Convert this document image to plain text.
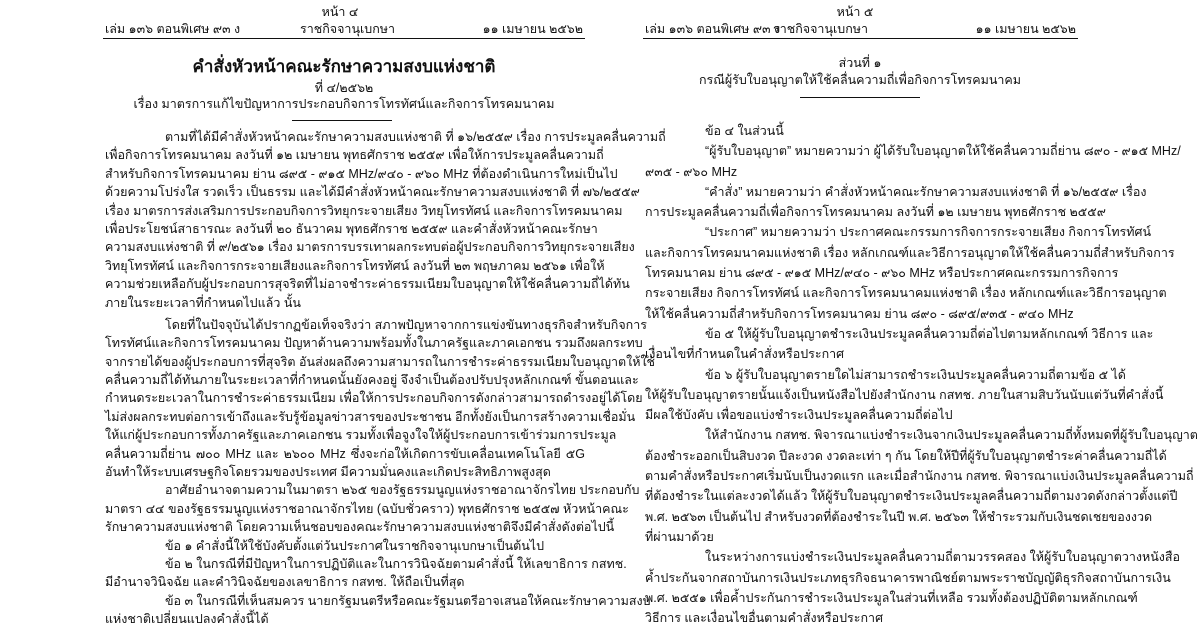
หน้า ๔
เล่ม ๑๓๖ ตอนพิเศษ ๙๓ ง	ราชกิจจานุเบกษา	๑๑ เมษายน ๒๕๖๒
คำสั่งหัวหน้าคณะรักษาความสงบแห่งชาติ
ที่ ๔/๒๕๖๒
เรื่อง มาตรการแก้ไขปัญหาการประกอบกิจการโทรทัศน์และกิจการโทรคมนาคม
ตามที่ได้มีคำสั่งหัวหน้าคณะรักษาความสงบแห่งชาติ ที่ ๑๖/๒๕๕๙ เรื่อง การประมูลคลื่นความถี่
เพื่อกิจการโทรคมนาคม ลงวันที่ ๑๒ เมษายน พุทธศักราช ๒๕๕๙ เพื่อให้การประมูลคลื่นความถี่
สำหรับกิจการโทรคมนาคม ย่าน ๘๙๕ - ๙๑๕ MHz/๙๔๐ - ๙๖๐ MHz ที่ต้องดำเนินการใหม่เป็นไป
ด้วยความโปร่งใส รวดเร็ว เป็นธรรม และได้มีคำสั่งหัวหน้าคณะรักษาความสงบแห่งชาติ ที่ ๗๖/๒๕๕๙
เรื่อง มาตรการส่งเสริมการประกอบกิจการวิทยุกระจายเสียง วิทยุโทรทัศน์ และกิจการโทรคมนาคม
เพื่อประโยชน์สาธารณะ ลงวันที่ ๒๐ ธันวาคม พุทธศักราช ๒๕๕๙ และคำสั่งหัวหน้าคณะรักษา
ความสงบแห่งชาติ ที่ ๙/๒๕๖๑ เรื่อง มาตรการบรรเทาผลกระทบต่อผู้ประกอบกิจการวิทยุกระจายเสียง
วิทยุโทรทัศน์ และกิจการกระจายเสียงและกิจการโทรทัศน์ ลงวันที่ ๒๓ พฤษภาคม ๒๕๖๑ เพื่อให้
ความช่วยเหลือกับผู้ประกอบการสุจริตที่ไม่อาจชำระค่าธรรมเนียมใบอนุญาตให้ใช้คลื่นความถี่ได้ทัน
ภายในระยะเวลาที่กำหนดไปแล้ว นั้น
โดยที่ในปัจจุบันได้ปรากฏข้อเท็จจริงว่า สภาพปัญหาจากการแข่งขันทางธุรกิจสำหรับกิจการ
โทรทัศน์และกิจการโทรคมนาคม ปัญหาด้านความพร้อมทั้งในภาครัฐและภาคเอกชน รวมถึงผลกระทบ
จากรายได้ของผู้ประกอบการที่สุจริต อันส่งผลถึงความสามารถในการชำระค่าธรรมเนียมใบอนุญาตให้ใช้
คลื่นความถี่ได้ทันภายในระยะเวลาที่กำหนดนั้นยังคงอยู่ จึงจำเป็นต้องปรับปรุงหลักเกณฑ์ ขั้นตอนและ
กำหนดระยะเวลาในการชำระค่าธรรมเนียม เพื่อให้การประกอบกิจการดังกล่าวสามารถดำรงอยู่ได้โดย
ไม่ส่งผลกระทบต่อการเข้าถึงและรับรู้ข้อมูลข่าวสารของประชาชน อีกทั้งยังเป็นการสร้างความเชื่อมั่น
ให้แก่ผู้ประกอบการทั้งภาครัฐและภาคเอกชน รวมทั้งเพื่อจูงใจให้ผู้ประกอบการเข้าร่วมการประมูล
คลื่นความถี่ย่าน ๗๐๐ MHz และ ๒๖๐๐ MHz ซึ่งจะก่อให้เกิดการขับเคลื่อนเทคโนโลยี ๕G
อันทำให้ระบบเศรษฐกิจโดยรวมของประเทศ มีความมั่นคงและเกิดประสิทธิภาพสูงสุด
อาศัยอำนาจตามความในมาตรา ๒๖๕ ของรัฐธรรมนูญแห่งราชอาณาจักรไทย ประกอบกับ
มาตรา ๔๔ ของรัฐธรรมนูญแห่งราชอาณาจักรไทย (ฉบับชั่วคราว) พุทธศักราช ๒๕๕๗ หัวหน้าคณะ
รักษาความสงบแห่งชาติ โดยความเห็นชอบของคณะรักษาความสงบแห่งชาติจึงมีคำสั่งดังต่อไปนี้
ข้อ ๑ คำสั่งนี้ให้ใช้บังคับตั้งแต่วันประกาศในราชกิจจานุเบกษาเป็นต้นไป
ข้อ ๒ ในกรณีที่มีปัญหาในการปฏิบัติและในการวินิจฉัยตามคำสั่งนี้ ให้เลขาธิการ กสทช.
มีอำนาจวินิจฉัย และคำวินิจฉัยของเลขาธิการ กสทช. ให้ถือเป็นที่สุด
ข้อ ๓ ในกรณีที่เห็นสมควร นายกรัฐมนตรีหรือคณะรัฐมนตรีอาจเสนอให้คณะรักษาความสงบ
แห่งชาติเปลี่ยนแปลงคำสั่งนี้ได้
หน้า ๕
เล่ม ๑๓๖ ตอนพิเศษ ๙๓ ง
ราชกิจจานุเบกษา	๑๑ เมษายน ๒๕๖๒
ส่วนที่ ๑
กรณีผู้รับใบอนุญาตให้ใช้คลื่นความถี่เพื่อกิจการโทรคมนาคม
ข้อ ๔ ในส่วนนี้
“ผู้รับใบอนุญาต” หมายความว่า ผู้ได้รับใบอนุญาตให้ใช้คลื่นความถี่ย่าน ๘๙๐ - ๙๑๕ MHz/
๙๓๕ - ๙๖๐ MHz
“คำสั่ง” หมายความว่า คำสั่งหัวหน้าคณะรักษาความสงบแห่งชาติ ที่ ๑๖/๒๕๕๙ เรื่อง
การประมูลคลื่นความถี่เพื่อกิจการโทรคมนาคม ลงวันที่ ๑๒ เมษายน พุทธศักราช ๒๕๕๙
“ประกาศ” หมายความว่า ประกาศคณะกรรมการกิจการกระจายเสียง กิจการโทรทัศน์
และกิจการโทรคมนาคมแห่งชาติ เรื่อง หลักเกณฑ์และวิธีการอนุญาตให้ใช้คลื่นความถี่สำหรับกิจการ
โทรคมนาคม ย่าน ๘๙๕ - ๙๑๕ MHz/๙๔๐ - ๙๖๐ MHz หรือประกาศคณะกรรมการกิจการ
กระจายเสียง กิจการโทรทัศน์ และกิจการโทรคมนาคมแห่งชาติ เรื่อง หลักเกณฑ์และวิธีการอนุญาต
ให้ใช้คลื่นความถี่สำหรับกิจการโทรคมนาคม ย่าน ๘๙๐ - ๘๙๕/๙๓๕ - ๙๔๐ MHz
ข้อ ๕ ให้ผู้รับใบอนุญาตชำระเงินประมูลคลื่นความถี่ต่อไปตามหลักเกณฑ์ วิธีการ และ
เงื่อนไขที่กำหนดในคำสั่งหรือประกาศ
ข้อ ๖ ผู้รับใบอนุญาตรายใดไม่สามารถชำระเงินประมูลคลื่นความถี่ตามข้อ ๕ ได้
ให้ผู้รับใบอนุญาตรายนั้นแจ้งเป็นหนังสือไปยังสำนักงาน กสทช. ภายในสามสิบวันนับแต่วันที่คำสั่งนี้
มีผลใช้บังคับ เพื่อขอแบ่งชำระเงินประมูลคลื่นความถี่ต่อไป
ให้สำนักงาน กสทช. พิจารณาแบ่งชำระเงินจากเงินประมูลคลื่นความถี่ทั้งหมดที่ผู้รับใบอนุญาต
ต้องชำระออกเป็นสิบงวด ปีละงวด งวดละเท่า ๆ กัน โดยให้ปีที่ผู้รับใบอนุญาตชำระค่าคลื่นความถี่ได้
ตามคำสั่งหรือประกาศเริ่มนับเป็นงวดแรก และเมื่อสำนักงาน กสทช. พิจารณาแบ่งเงินประมูลคลื่นความถี่
ที่ต้องชำระในแต่ละงวดได้แล้ว ให้ผู้รับใบอนุญาตชำระเงินประมูลคลื่นความถี่ตามงวดดังกล่าวตั้งแต่ปี
พ.ศ. ๒๕๖๓ เป็นต้นไป สำหรับงวดที่ต้องชำระในปี พ.ศ. ๒๕๖๓ ให้ชำระรวมกับเงินชดเชยของงวด
ที่ผ่านมาด้วย
ในระหว่างการแบ่งชำระเงินประมูลคลื่นความถี่ตามวรรคสอง ให้ผู้รับใบอนุญาตวางหนังสือ
ค้ำประกันจากสถาบันการเงินประเภทธุรกิจธนาคารพาณิชย์ตามพระราชบัญญัติธุรกิจสถาบันการเงิน
พ.ศ. ๒๕๕๑ เพื่อค้ำประกันการชำระเงินประมูลในส่วนที่เหลือ รวมทั้งต้องปฏิบัติตามหลักเกณฑ์
วิธีการ และเงื่อนไขอื่นตามคำสั่งหรือประกาศ
